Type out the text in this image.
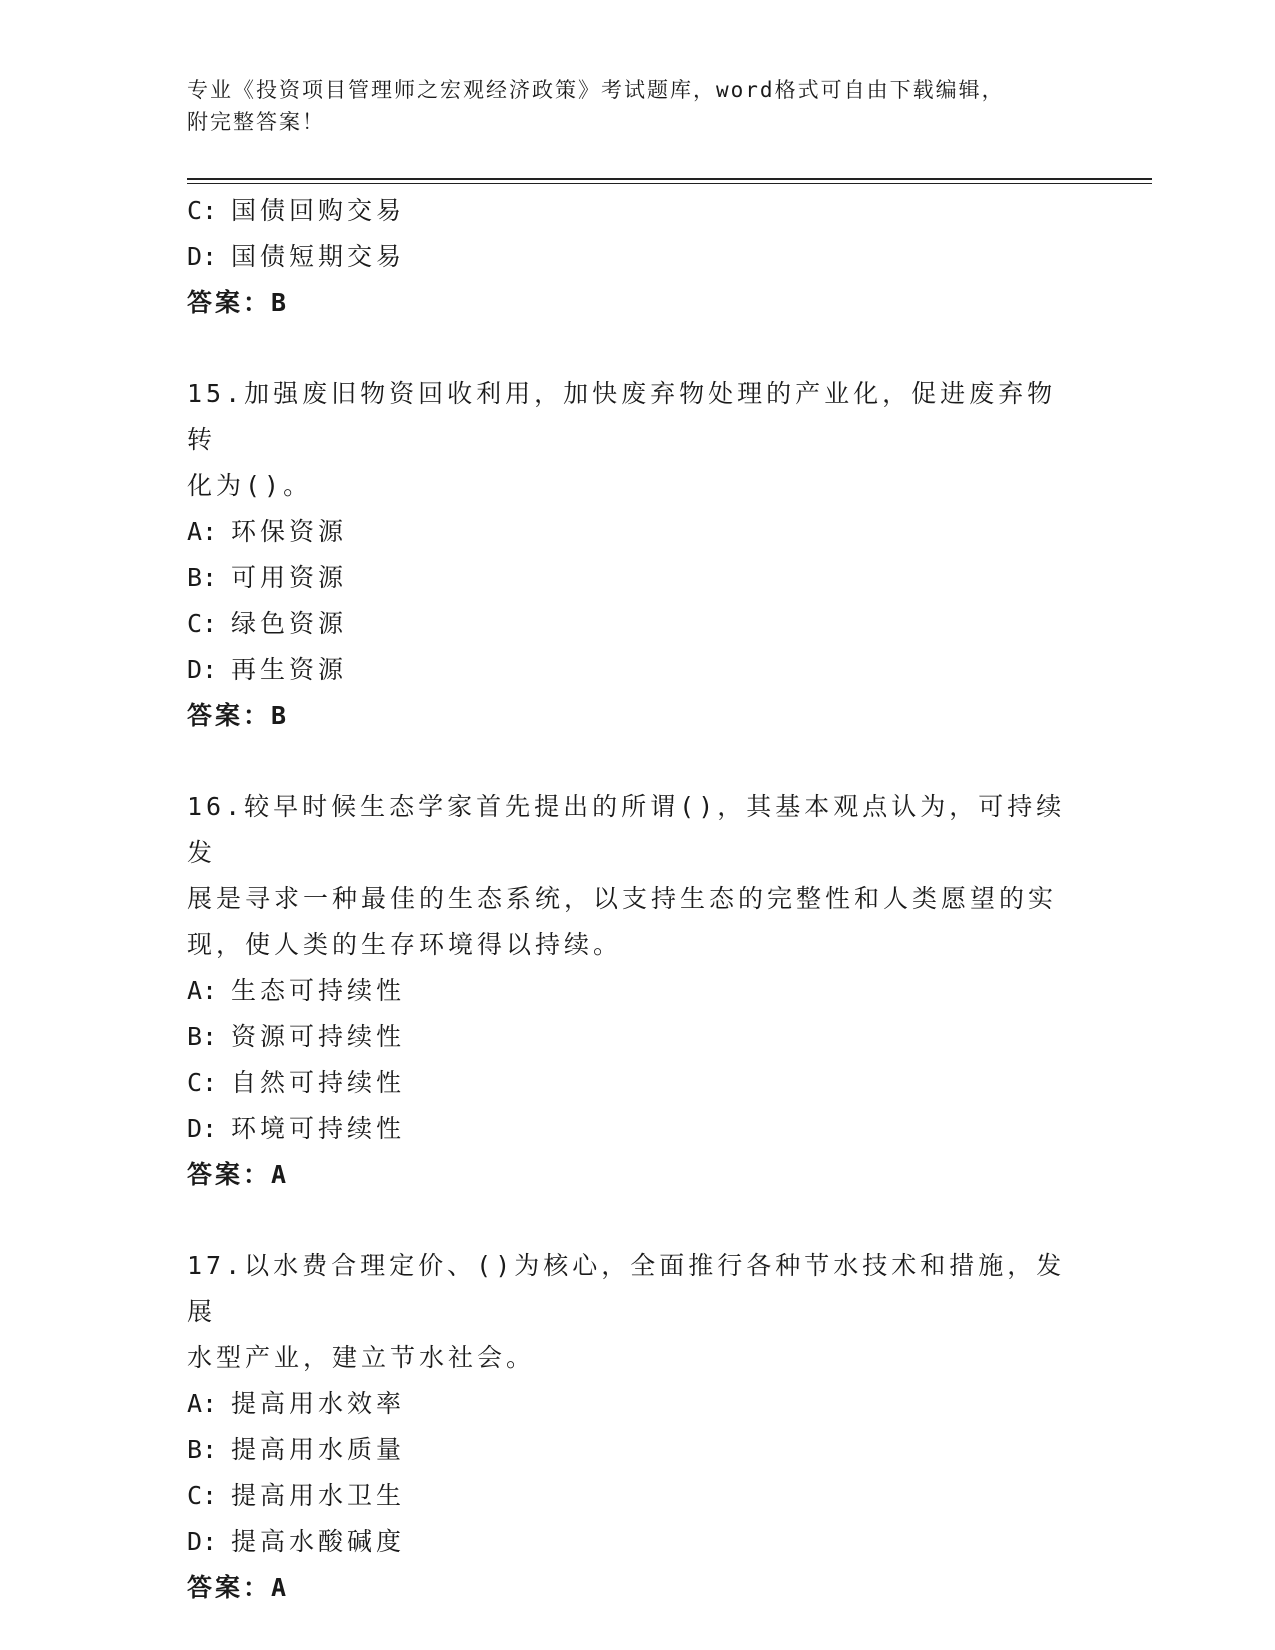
专业《投资项目管理师之宏观经济政策》考试题库，word格式可自由下载编辑，
附完整答案！
C: 国债回购交易
D: 国债短期交易
答案：B
15.加强废旧物资回收利用，加快废弃物处理的产业化，促进废弃物转
化为()。
A: 环保资源
B: 可用资源
C: 绿色资源
D: 再生资源
答案：B
16.较早时候生态学家首先提出的所谓()，其基本观点认为，可持续发
展是寻求一种最佳的生态系统，以支持生态的完整性和人类愿望的实
现，使人类的生存环境得以持续。
A: 生态可持续性
B: 资源可持续性
C: 自然可持续性
D: 环境可持续性
答案：A
17.以水费合理定价、()为核心，全面推行各种节水技术和措施，发展
水型产业，建立节水社会。
A: 提高用水效率
B: 提高用水质量
C: 提高用水卫生
D: 提高水酸碱度
答案：A
